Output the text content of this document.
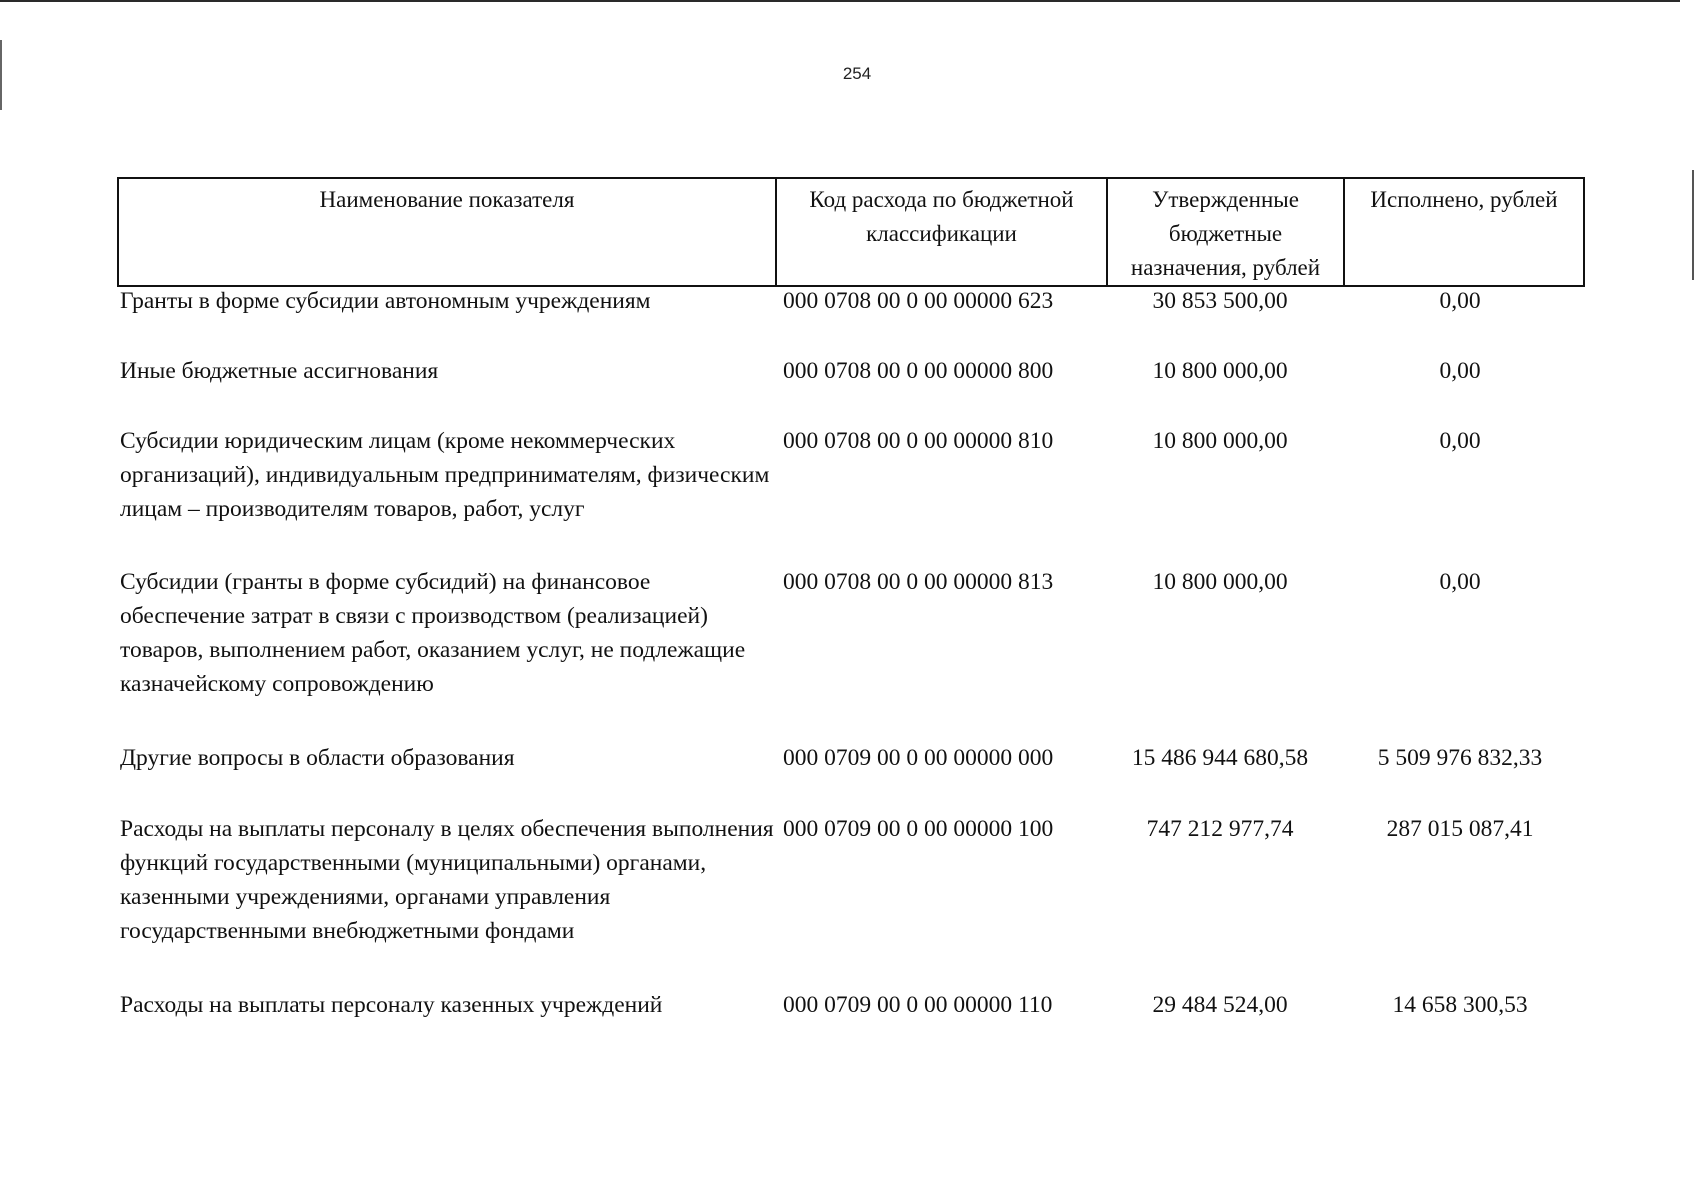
254
Наименование показателя	Код расхода по бюджетной классификации	Утвержденные бюджетные назначения, рублей	Исполнено, рублей
Гранты в форме субсидии автономным учреждениям	000 0708 00 0 00 00000 623	30 853 500,00	0,00
Иные бюджетные ассигнования	000 0708 00 0 00 00000 800	10 800 000,00	0,00
Субсидии юридическим лицам (кроме некоммерческих организаций), индивидуальным предпринимателям, физическим лицам – производителям товаров, работ, услуг
000 0708 00 0 00 00000 810	10 800 000,00	0,00
Субсидии (гранты в форме субсидий) на финансовое обеспечение затрат в связи с производством (реализацией) товаров, выполнением работ, оказанием услуг, не подлежащие казначейскому сопровождению
000 0708 00 0 00 00000 813	10 800 000,00	0,00
Другие вопросы в области образования	000 0709 00 0 00 00000 000	15 486 944 680,58	5 509 976 832,33
Расходы на выплаты персоналу в целях обеспечения выполнения функций государственными (муниципальными) органами, казенными учреждениями, органами управления государственными внебюджетными фондами
000 0709 00 0 00 00000 100	747 212 977,74	287 015 087,41
Расходы на выплаты персоналу казенных учреждений	000 0709 00 0 00 00000 110	29 484 524,00	14 658 300,53
